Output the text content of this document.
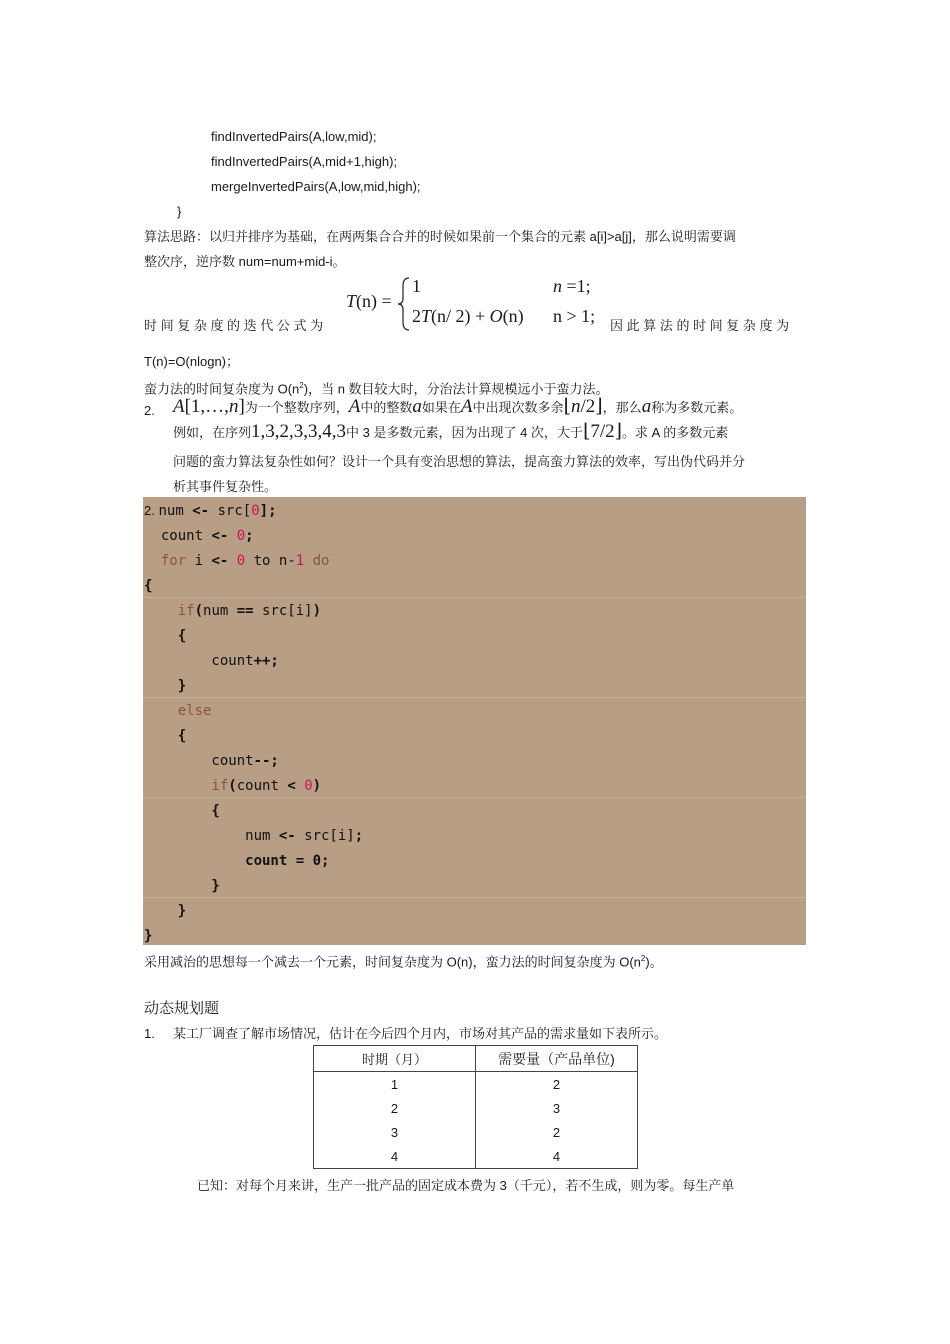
findInvertedPairs(A,low,mid);
findInvertedPairs(A,mid+1,high);
mergeInvertedPairs(A,low,mid,high);
}
算法思路：以归并排序为基础，在两两集合合并的时候如果前一个集合的元素 a[i]>a[j]，那么说明需要调
整次序，逆序数 num=num+mid-i。
时 间 复 杂 度 的 迭 代 公 式 为
T(n) =
1	n =1;
2T(n/ 2) + O(n) n > 1; 因 此 算 法 的 时 间 复 杂 度 为
T(n)=O(nlogn)；
蛮力法的时间复杂度为 $O(n^2)$，当 n 数目较大时，分治法计算规模远小于蛮力法。
2. A[1,…,n]为一个整数序列，A中的整数a如果在A中出现次数多余⌊n/2⌋，那么a称为多数元素。
例如，在序列1,3,2,3,3,4,3中 3 是多数元素，因为出现了 4 次，大于⌊7/2⌋。求 A 的多数元素
问题的蛮力算法复杂性如何？设计一个具有变治思想的算法，提高蛮力算法的效率，写出伪代码并分
析其事件复杂性。
2. num <- src[0];
count <- 0;
for i <- 0 to n-1 do
{
if(num == src[i])
{
count++;
}
else
{
count--;
if(count < 0)
{
num <- src[i];
count = 0;
}
}
}
采用减治的思想每一个减去一个元素，时间复杂度为 O(n)，蛮力法的时间复杂度为 $O(n^2)$。
动态规划题
1. 某工厂调查了解市场情况，估计在今后四个月内，市场对其产品的需求量如下表所示。
时期（月）	需要量（产品单位)
1	2
2	3
3	2
4	4
已知：对每个月来讲，生产一批产品的固定成本费为 3（千元），若不生成，则为零。每生产单
